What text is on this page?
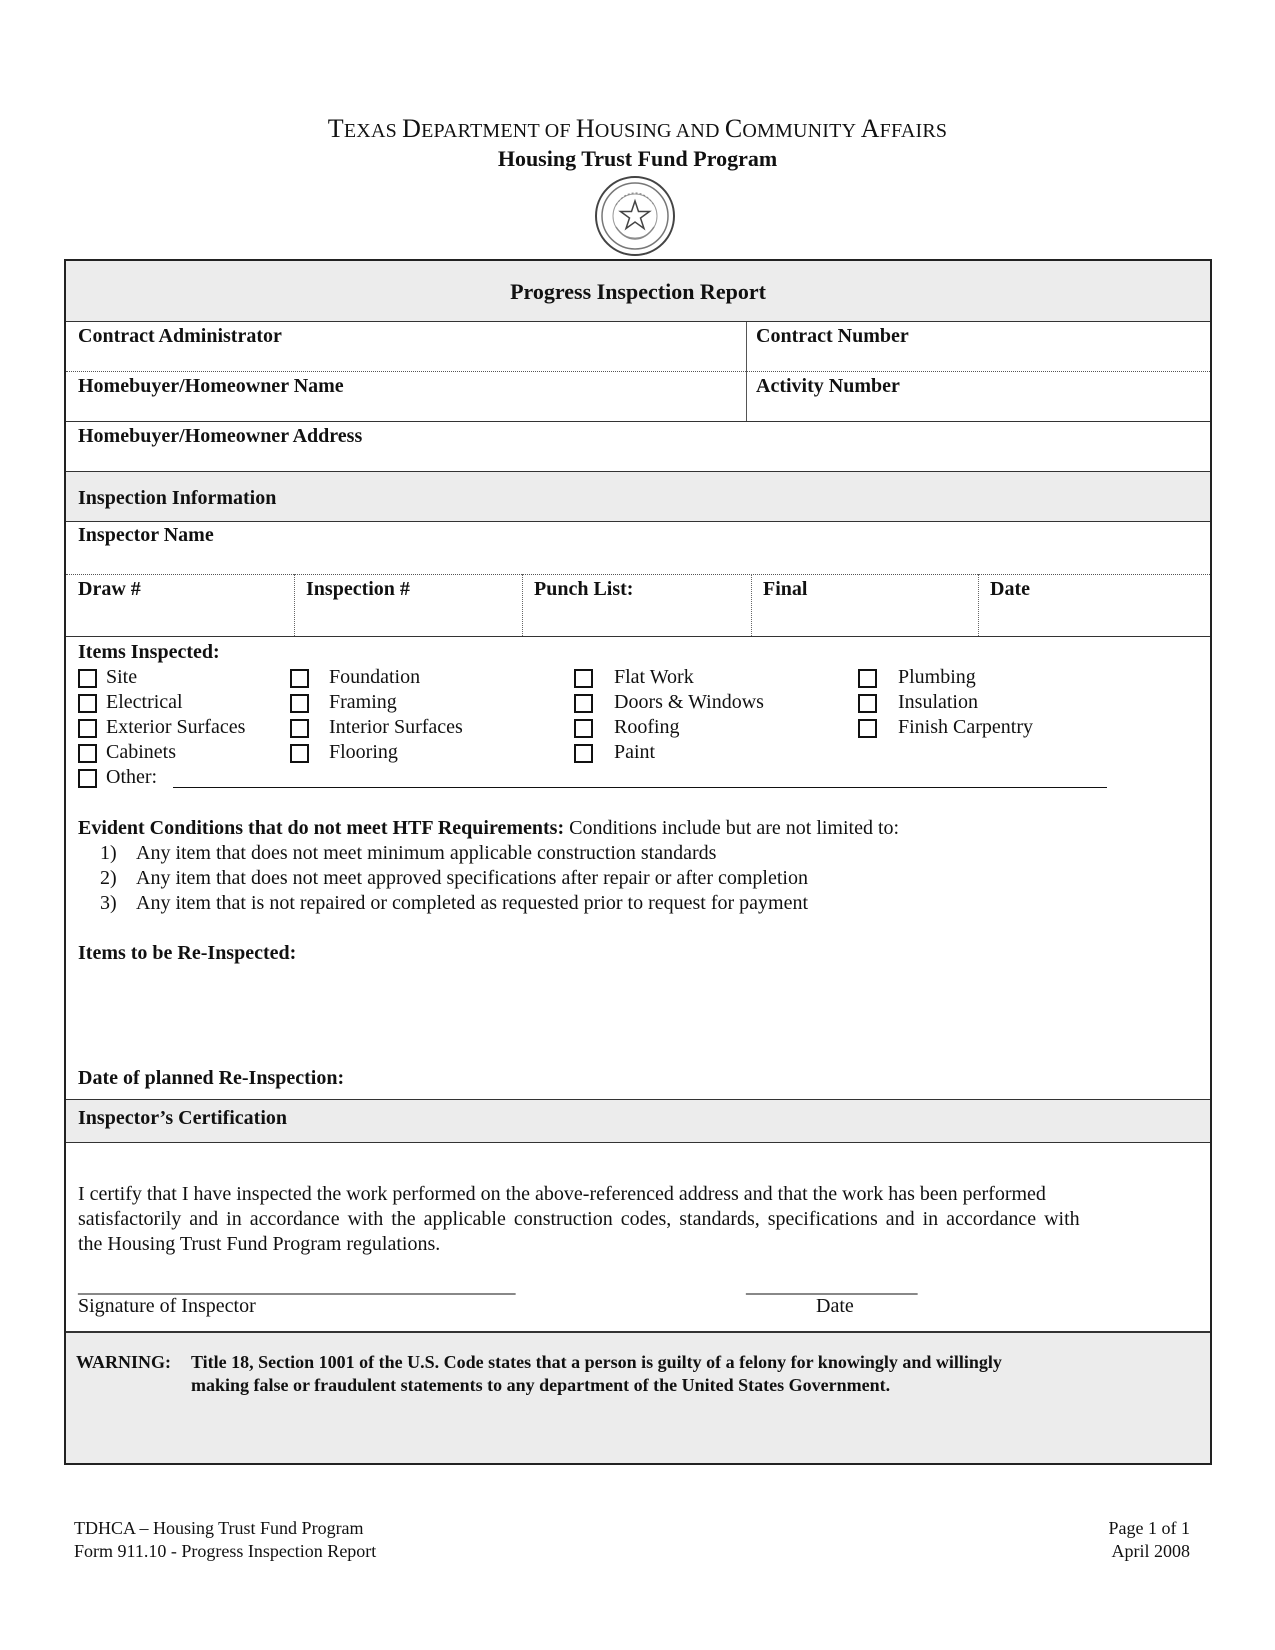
TEXAS DEPARTMENT OF HOUSING AND COMMUNITY AFFAIRS
Housing Trust Fund Program
Progress Inspection Report
Contract Administrator	Contract Number
Homebuyer/Homeowner Name	Activity Number
Homebuyer/Homeowner Address
Inspection Information
Inspector Name
Draw #	Inspection #	Punch List:	Final	Date
Items Inspected:
Site
Electrical
Exterior Surfaces
Cabinets
Other:
Foundation
Framing
Interior Surfaces
Flooring
Flat Work
Doors & Windows
Roofing
Paint
Plumbing
Insulation
Finish Carpentry
Evident Conditions that do not meet HTF Requirements: Conditions include but are not limited to:
1) Any item that does not meet minimum applicable construction standards
2) Any item that does not meet approved specifications after repair or after completion
3) Any item that is not repaired or completed as requested prior to request for payment
Items to be Re-Inspected:
Date of planned Re-Inspection:
Inspector’s Certification
I certify that I have inspected the work performed on the above-referenced address and that the work has been performed
satisfactorily and in accordance with the applicable construction codes, standards, specifications and in accordance with
the Housing Trust Fund Program regulations.
______________________________________________	__________________
Signature of Inspector	Date
WARNING: Title 18, Section 1001 of the U.S. Code states that a person is guilty of a felony for knowingly and willingly
making false or fraudulent statements to any department of the United States Government.
TDHCA – Housing Trust Fund Program
Form 911.10 - Progress Inspection Report
Page 1 of 1
April 2008
